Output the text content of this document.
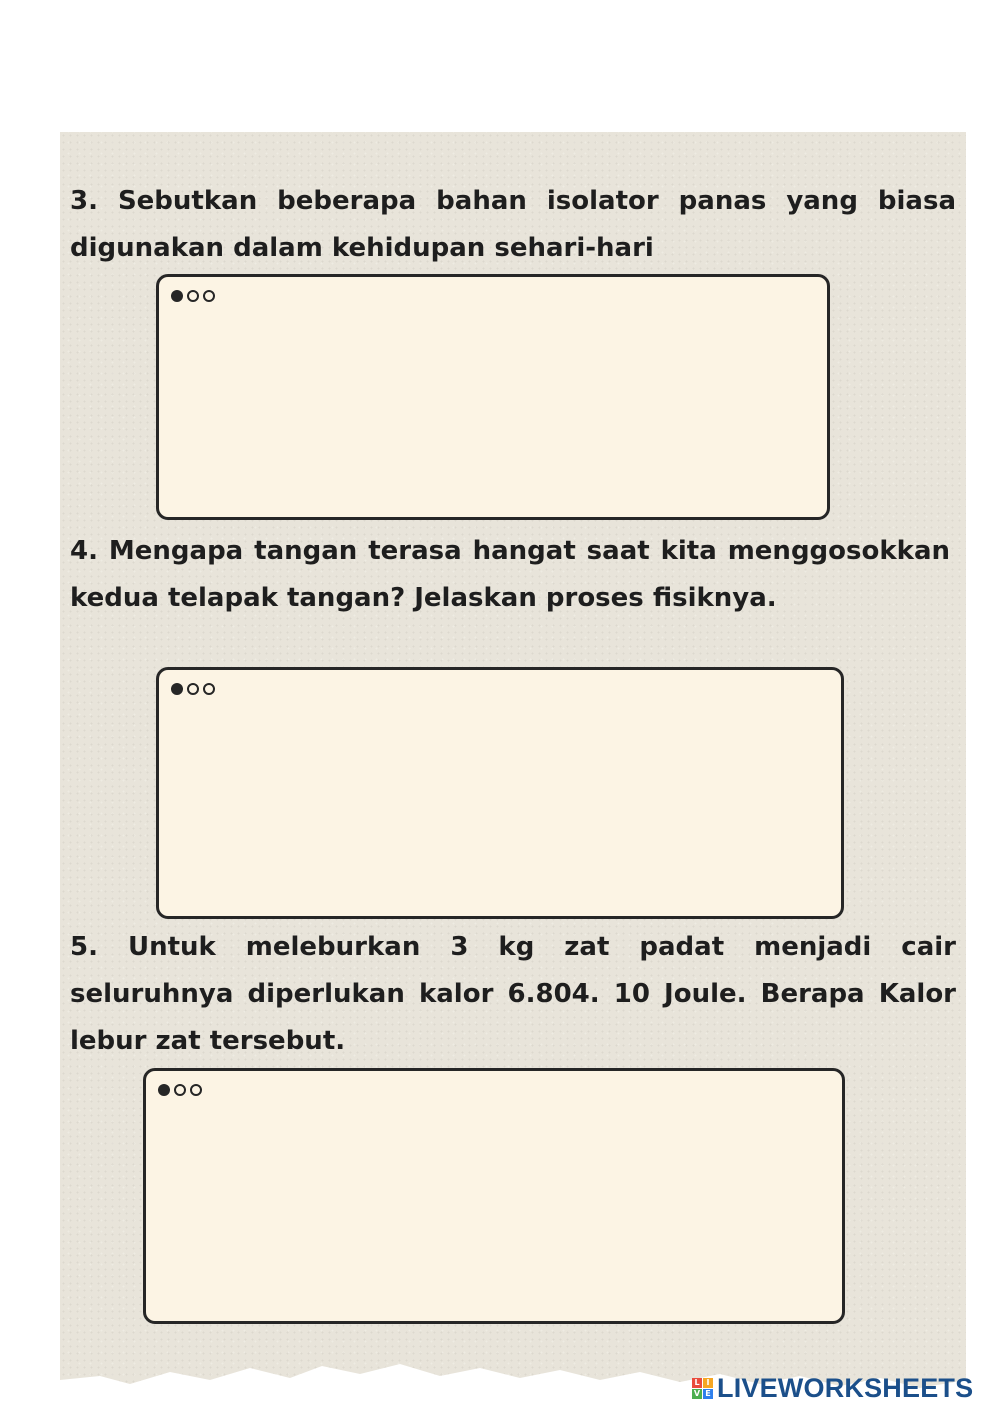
3. Sebutkan beberapa bahan isolator panas yang biasa digunakan dalam kehidupan sehari-hari

4. Mengapa tangan terasa hangat saat kita menggosokkan kedua telapak tangan? Jelaskan proses fisiknya.

5. Untuk meleburkan 3 kg zat padat menjadi cair seluruhnya diperlukan kalor 6.804. 10 Joule. Berapa Kalor lebur zat tersebut.

L I
V E LIVEWORKSHEETS
